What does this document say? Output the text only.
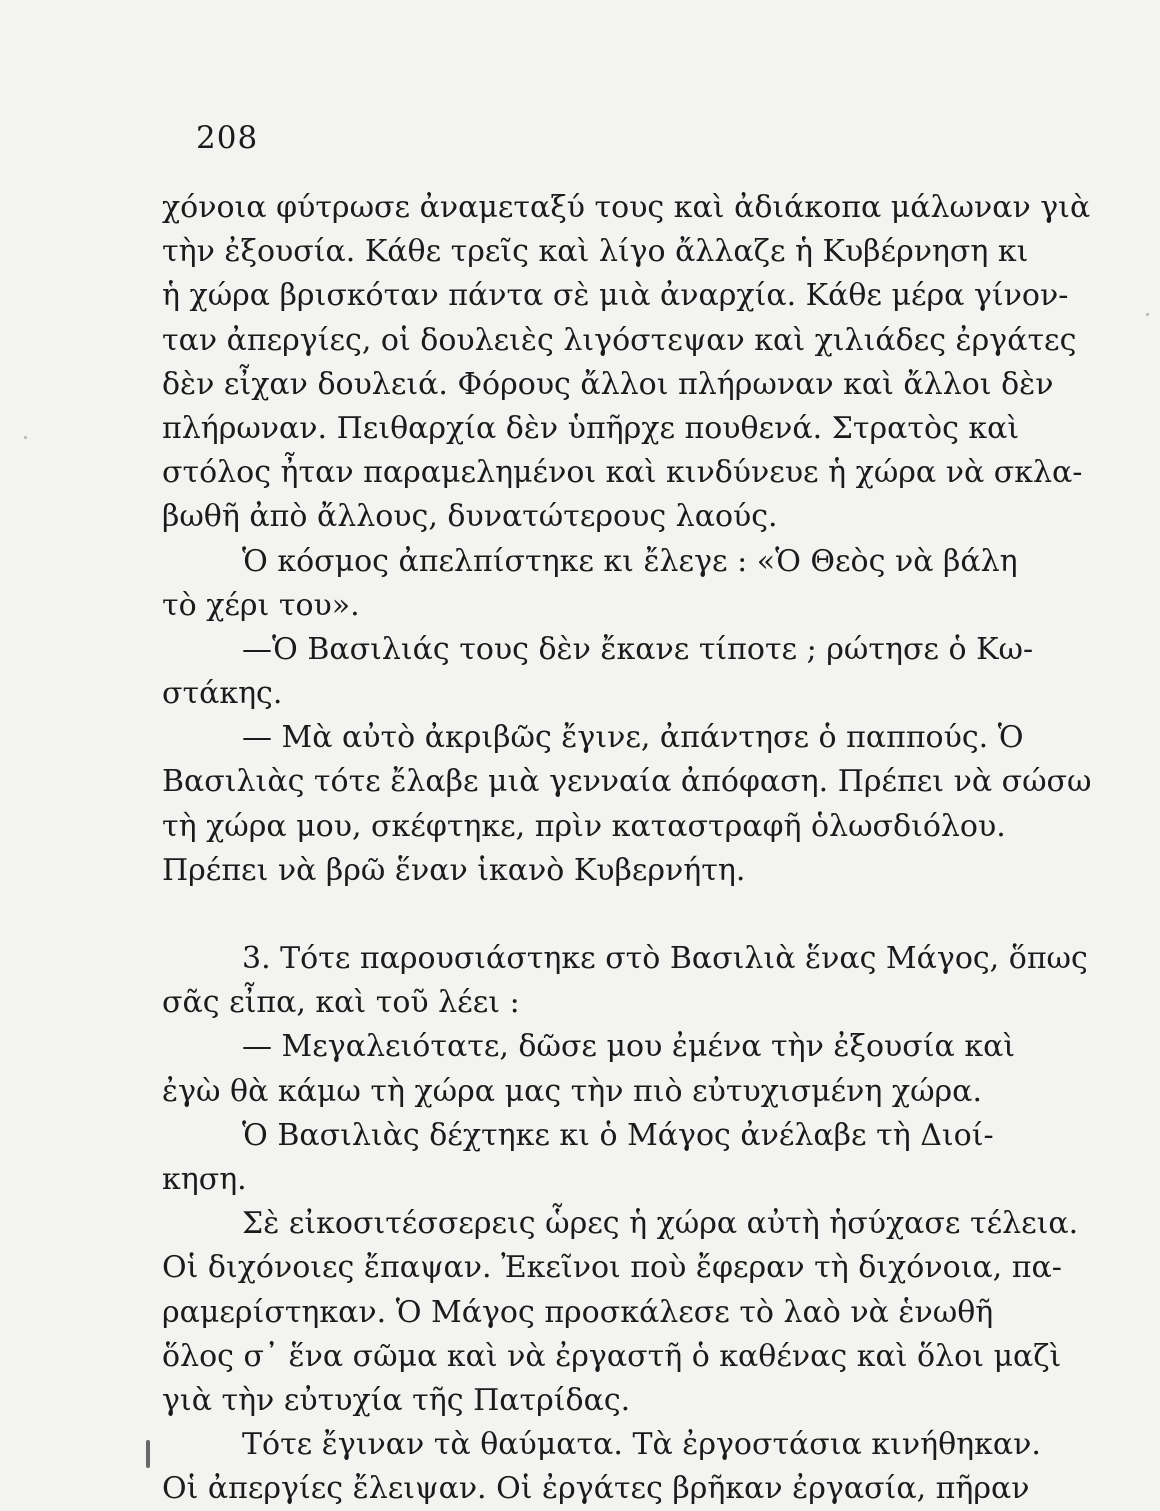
208
χόνοια φύτρωσε ἀναμεταξύ τους καὶ ἀδιάκοπα μάλωναν γιὰ
τὴν ἐξουσία. Κάθε τρεῖς καὶ λίγο ἄλλαζε ἡ Κυβέρνηση κι
ἡ χώρα βρισκόταν πάντα σὲ μιὰ ἀναρχία. Κάθε μέρα γίνον-
ταν ἀπεργίες, οἱ δουλειὲς λιγόστεψαν καὶ χιλιάδες ἐργάτες
δὲν εἶχαν δουλειά. Φόρους ἄλλοι πλήρωναν καὶ ἄλλοι δὲν
πλήρωναν. Πειθαρχία δὲν ὑπῆρχε πουθενά. Στρατὸς καὶ
στόλος ἦταν παραμελημένοι καὶ κινδύνευε ἡ χώρα νὰ σκλα-
βωθῆ ἀπὸ ἄλλους, δυνατώτερους λαούς.
Ὁ κόσμος ἀπελπίστηκε κι ἔλεγε : «Ὁ Θεὸς νὰ βάλη
τὸ χέρι του».
—Ὁ Βασιλιάς τους δὲν ἔκανε τίποτε ; ρώτησε ὁ Κω-
στάκης.
— Μὰ αὐτὸ ἀκριβῶς ἔγινε, ἀπάντησε ὁ παππούς. Ὁ
Βασιλιὰς τότε ἔλαβε μιὰ γενναία ἀπόφαση. Πρέπει νὰ σώσω
τὴ χώρα μου, σκέφτηκε, πρὶν καταστραφῆ ὁλωσδιόλου.
Πρέπει νὰ βρῶ ἕναν ἱκανὸ Κυβερνήτη.
3. Τότε παρουσιάστηκε στὸ Βασιλιὰ ἕνας Μάγος, ὅπως
σᾶς εἶπα, καὶ τοῦ λέει :
— Μεγαλειότατε, δῶσε μου ἐμένα τὴν ἐξουσία καὶ
ἐγὼ θὰ κάμω τὴ χώρα μας τὴν πιὸ εὐτυχισμένη χώρα.
Ὁ Βασιλιὰς δέχτηκε κι ὁ Μάγος ἀνέλαβε τὴ Διοί-
κηση.
Σὲ εἰκοσιτέσσερεις ὧρες ἡ χώρα αὐτὴ ἡσύχασε τέλεια.
Οἱ διχόνοιες ἔπαψαν. Ἐκεῖνοι ποὺ ἔφεραν τὴ διχόνοια, πα-
ραμερίστηκαν. Ὁ Μάγος προσκάλεσε τὸ λαὸ νὰ ἑνωθῆ
ὅλος σ᾿ ἕνα σῶμα καὶ νὰ ἐργαστῆ ὁ καθένας καὶ ὅλοι μαζὶ
γιὰ τὴν εὐτυχία τῆς Πατρίδας.
Τότε ἔγιναν τὰ θαύματα. Τὰ ἐργοστάσια κινήθηκαν.
Οἱ ἀπεργίες ἔλειψαν. Οἱ ἐργάτες βρῆκαν ἐργασία, πῆραν
